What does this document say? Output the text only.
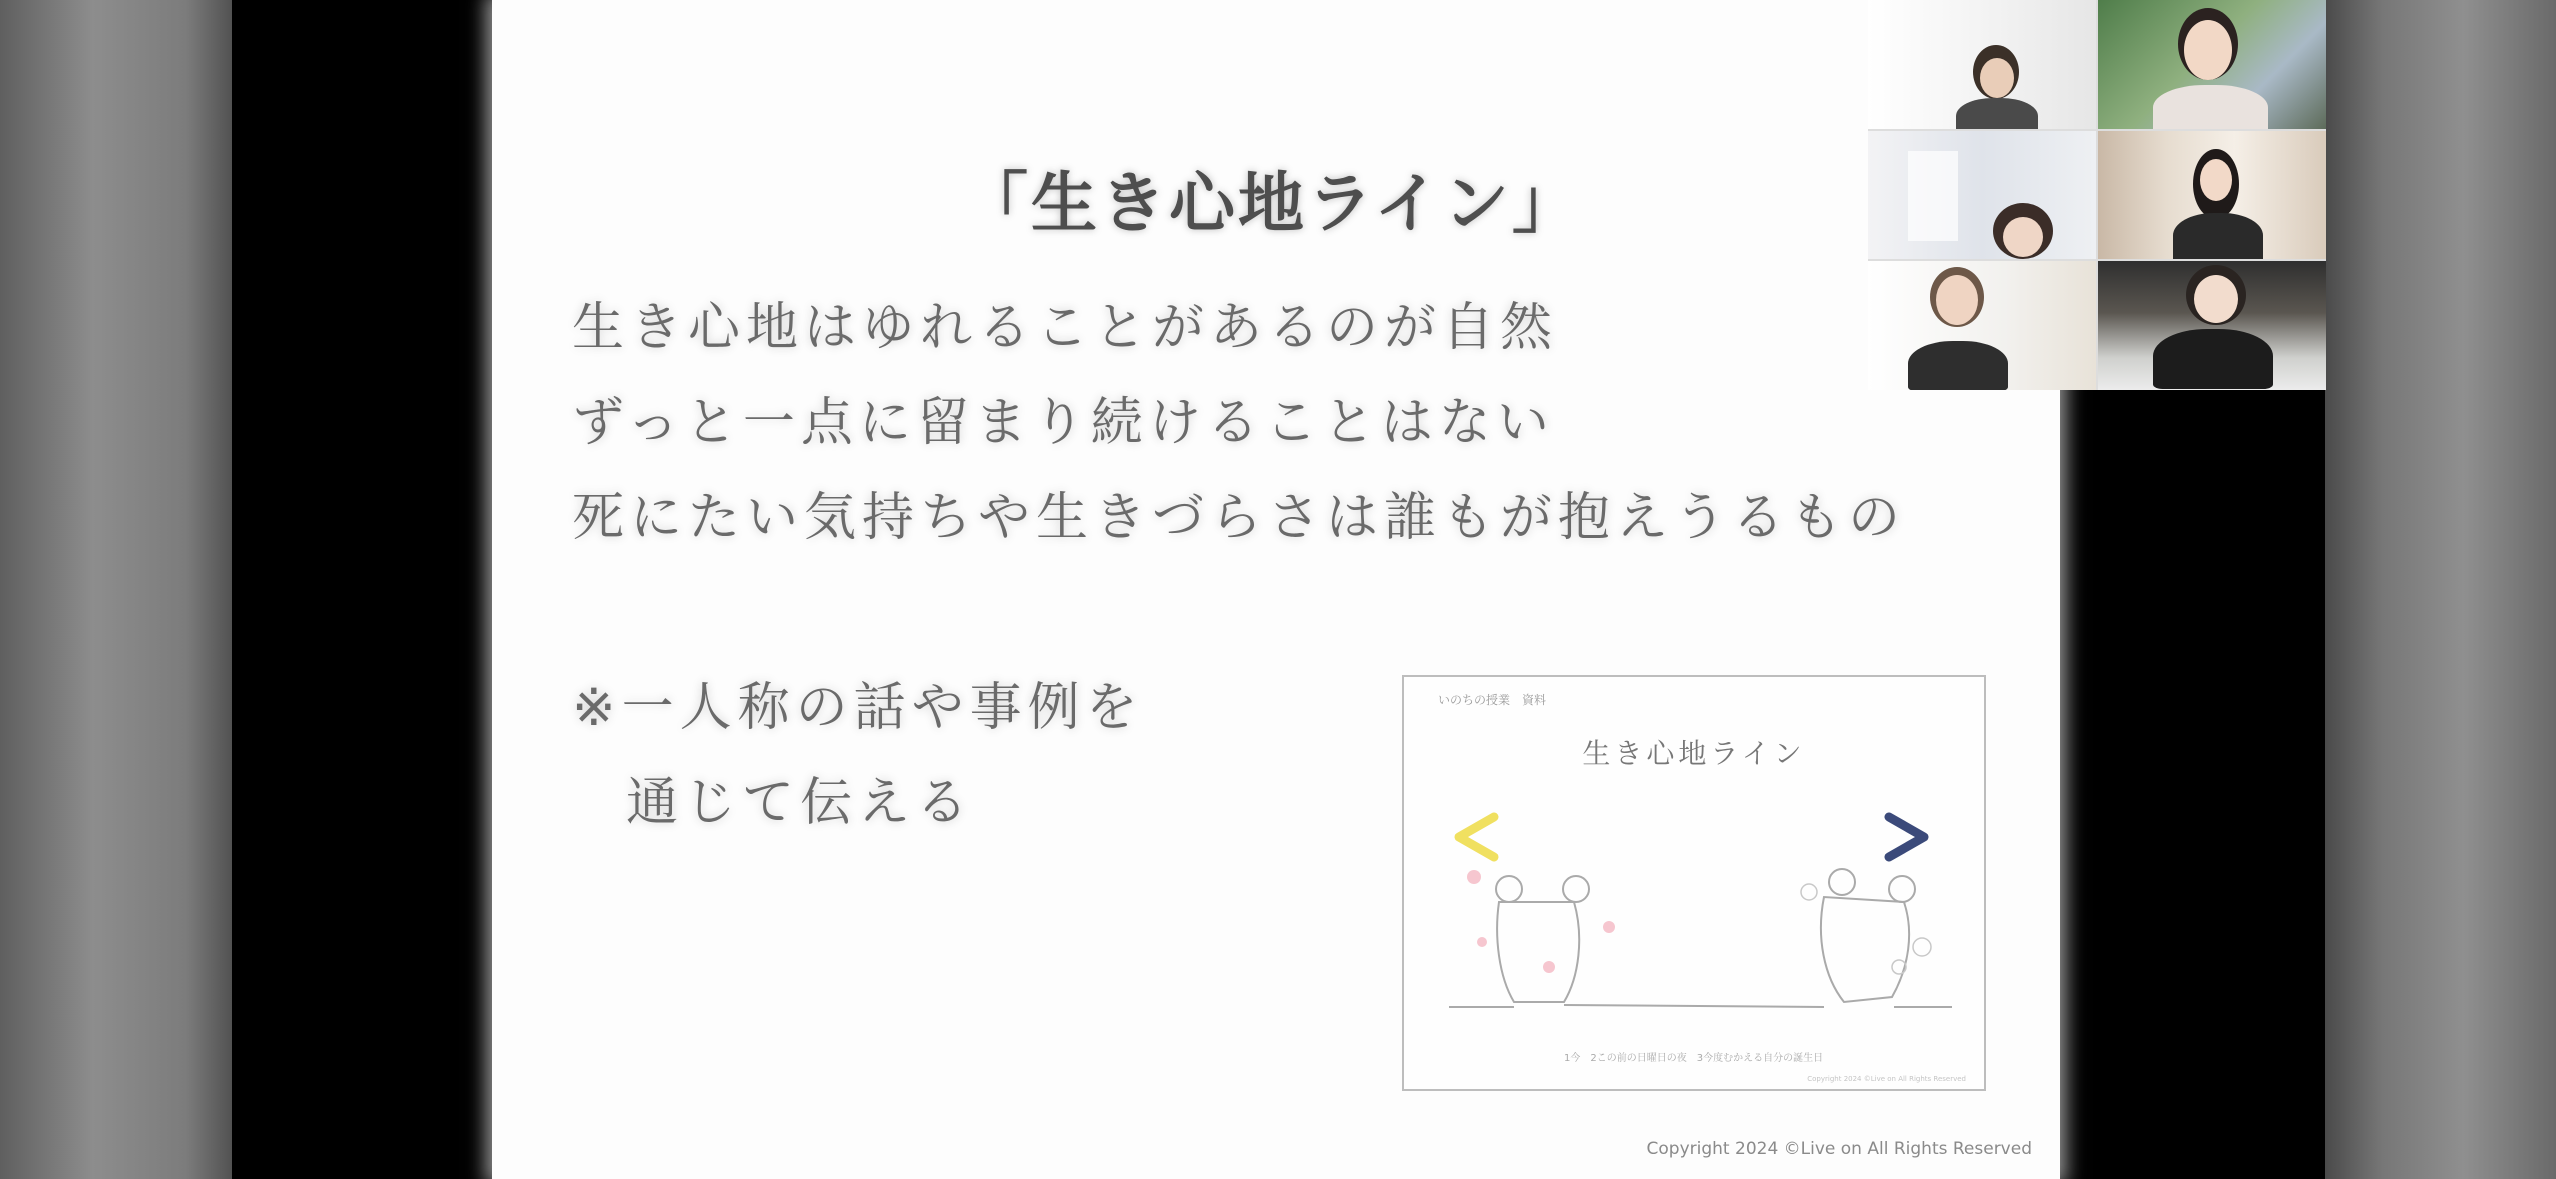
「生き心地ライン」
生き心地はゆれることがあるのが自然
ずっと一点に留まり続けることはない
死にたい気持ちや生きづらさは誰もが抱えうるもの
※一人称の話や事例を
通じて伝える
いのちの授業　資料
生き心地ライン
1今　2この前の日曜日の夜　3今度むかえる自分の誕生日
Copyright 2024 ©Live on All Rights Reserved
Copyright 2024 ©Live on All Rights Reserved
